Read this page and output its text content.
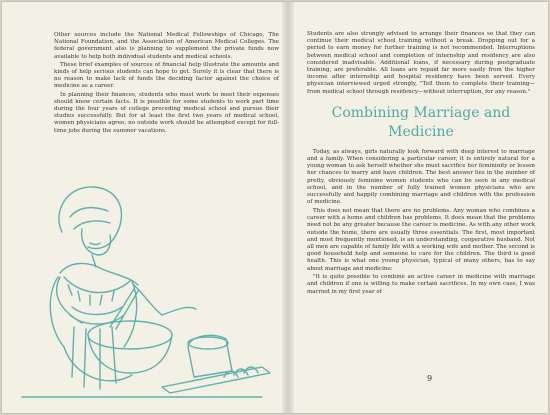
Other sources include the National Medical Fellowships of Chicago, The National Foundation, and the Association of American Medical Colleges. The federal government also is planning to supplement the private funds now available to help both individual students and medical schools.

These brief examples of sources of financial help illustrate the amounts and kinds of help serious students can hope to get. Surely it is clear that there is no reason to make lack of funds the deciding factor against the choice of medicine as a career.

In planning their finances, students who must work to meet their expenses should know certain facts. It is possible for some students to work part time during the four years of college preceding medical school and pursue their studies successfully. But for at least the first two years of medical school, women physicians agree, no outside work should be attempted except for full-time jobs during the summer vacations.

Students are also strongly advised to arrange their finances so that they can continue their medical school training without a break. Dropping out for a period to earn money for further training is not recommended. Interruptions between medical school and completion of internship and residency are also considered inadvisable. Additional loans, if necessary during postgraduate training, are preferable. All loans are repaid far more easily from the higher income after internship and hospital residency have been served. Every physician interviewed urged strongly, "Tell them to complete their training—from medical school through residency—without interruption, for any reason."

Combining Marriage and
Medicine

Today, as always, girls naturally look forward with deep interest to marriage and a family. When considering a particular career, it is entirely natural for a young woman to ask herself whether she must sacrifice her femininity or lessen her chances to marry and have children. The best answer lies in the number of pretty, obviously feminine women students who can be seen in any medical school, and in the number of fully trained women physicians who are successfully and happily combining marriage and children with the profession of medicine.

This does not mean that there are no problems. Any woman who combines a career with a home and children has problems. It does mean that the problems need not be any greater because the career is medicine. As with any other work outside the home, there are usually three essentials. The first, most important and most frequently mentioned, is an understanding, cooperative husband. Not all men are capable of family life with a working wife and mother. The second is good household help and someone to care for the children. The third is good health. This is what one young physician, typical of many others, has to say about marriage and medicine:

"It is quite possible to combine an active career in medicine with marriage and children if one is willing to make certain sacrifices. In my own case, I was married in my first year of

9
